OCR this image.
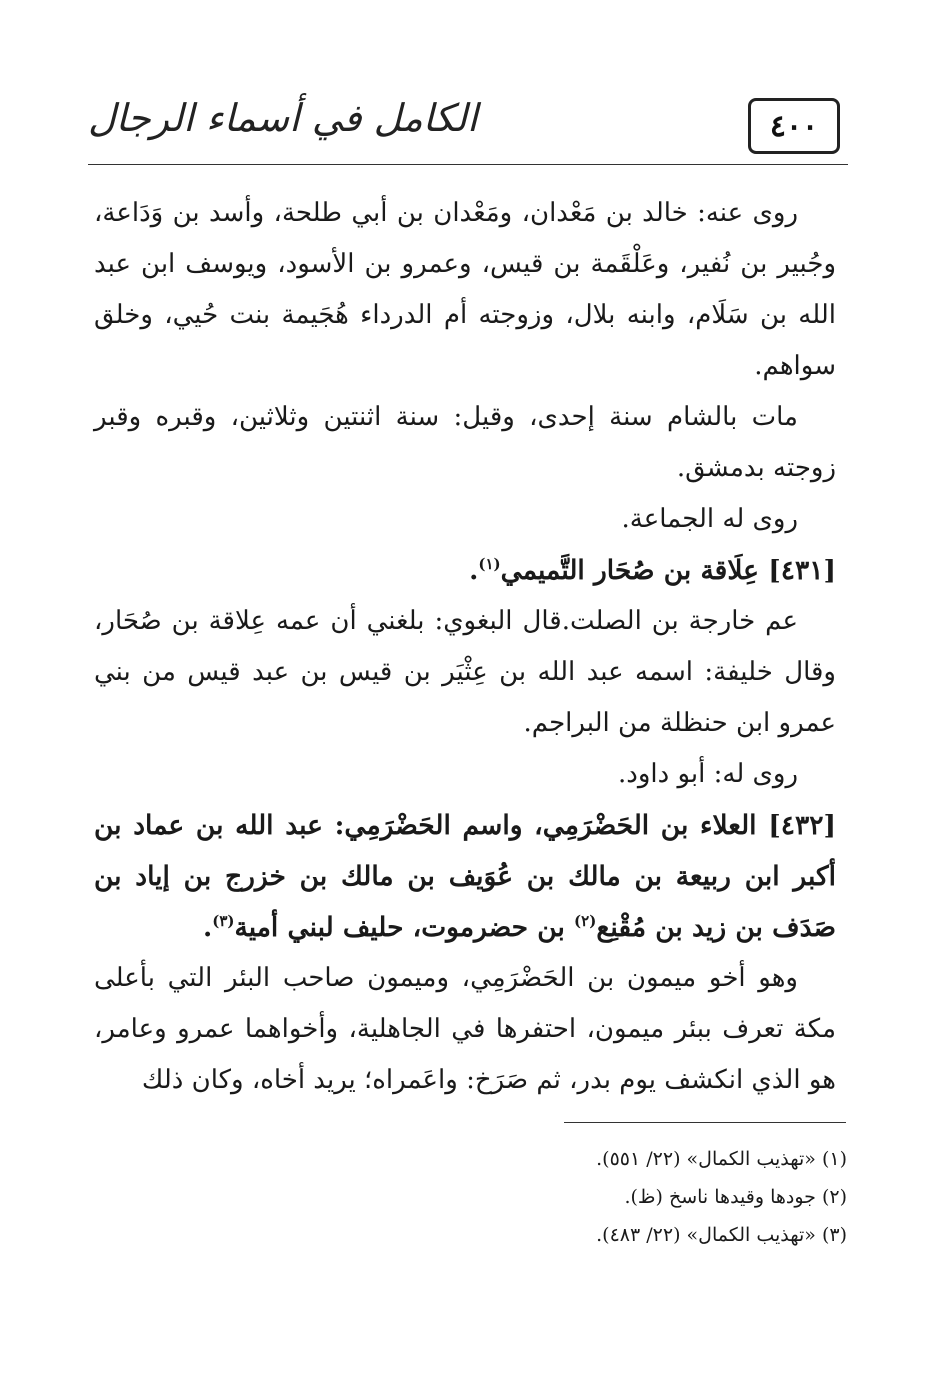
الكامل في أسماء الرجال	٤٠٠

روى عنه: خالد بن مَعْدان، ومَعْدان بن أبي طلحة، وأسد بن وَدَاعة، وجُبير بن نُفير، وعَلْقَمة بن قيس، وعمرو بن الأسود، ويوسف ابن عبد الله بن سَلَام، وابنه بلال، وزوجته أم الدرداء هُجَيمة بنت حُيي، وخلق سواهم.

مات بالشام سنة إحدى، وقيل: سنة اثنتين وثلاثين، وقبره وقبر زوجته بدمشق.

روى له الجماعة.

[٤٣١] عِلَاقة بن صُحَار التَّميمي$^{(١)}$.

عم خارجة بن الصلت.قال البغوي: بلغني أن عمه عِلاقة بن صُحَار، وقال خليفة: اسمه عبد الله بن عِثْيَر بن قيس بن عبد قيس من بني عمرو ابن حنظلة من البراجم.

روى له: أبو داود.

[٤٣٢] العلاء بن الحَضْرَمِي، واسم الحَضْرَمِي: عبد الله بن عماد بن أكبر ابن ربيعة بن مالك بن عُوَيف بن مالك بن خزرج بن إياد بن صَدَف بن زيد بن مُقْنِع$^{(٢)}$ بن حضرموت، حليف لبني أمية$^{(٣)}$.

وهو أخو ميمون بن الحَضْرَمِي، وميمون صاحب البئر التي بأعلى مكة تعرف ببئر ميمون، احتفرها في الجاهلية، وأخواهما عمرو وعامر، هو الذي انكشف يوم بدر، ثم صَرَخ: واعَمراه؛ يريد أخاه، وكان ذلك

(١) «تهذيب الكمال» (٢٢/ ٥٥١).

(٢) جودها وقيدها ناسخ (ظ).

(٣) «تهذيب الكمال» (٢٢/ ٤٨٣).
